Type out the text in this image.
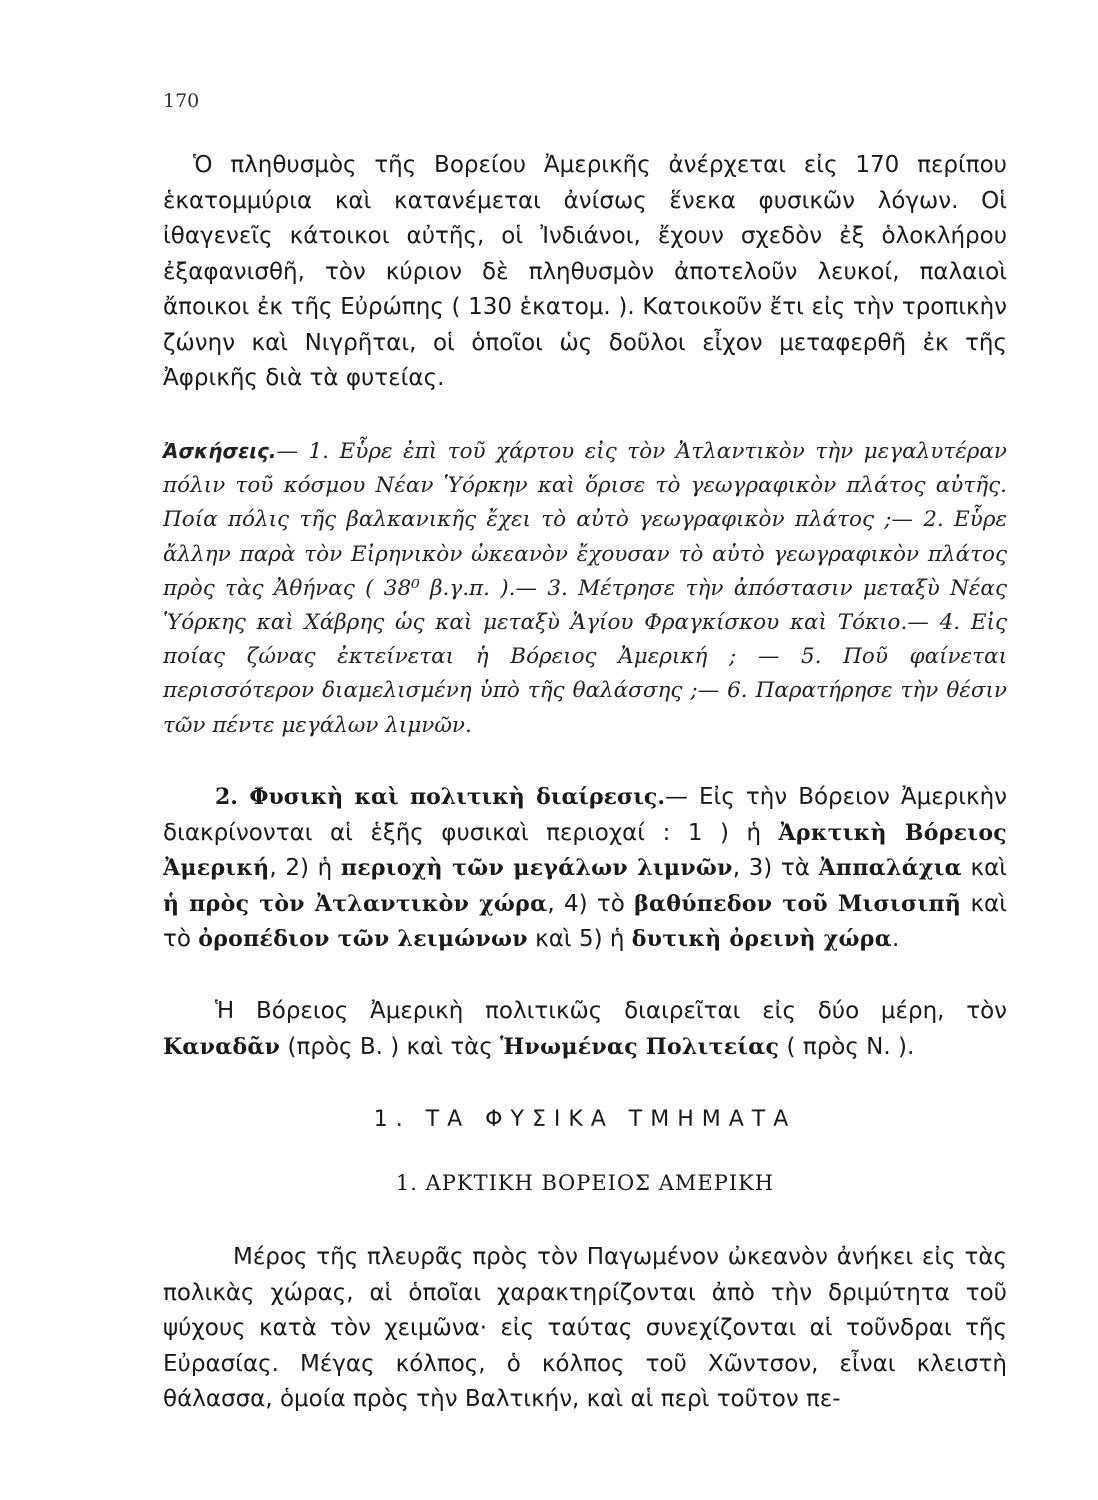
170

Ὁ πληθυσμὸς τῆς Βορείου Ἀμερικῆς ἀνέρχεται εἰς 170 περίπου ἑκατομμύρια καὶ κατανέμεται ἀνίσως ἕνεκα φυσικῶν λόγων. Οἱ ἰθαγενεῖς κάτοικοι αὐτῆς, οἱ Ἰνδιάνοι, ἔχουν σχεδὸν ἐξ ὁλοκλήρου ἐξαφανισθῆ, τὸν κύριον δὲ πληθυσμὸν ἀποτελοῦν λευκοί, παλαιοὶ ἄποικοι ἐκ τῆς Εὐρώπης ( 130 ἑκατομ. ). Κατοικοῦν ἔτι εἰς τὴν τροπικὴν ζώνην καὶ Νιγρῆται, οἱ ὁποῖοι ὡς δοῦλοι εἶχον μεταφερθῆ ἐκ τῆς Ἀφρικῆς διὰ τὰ φυτείας.

Ἀσκήσεις.— 1. Εὗρε ἐπὶ τοῦ χάρτου εἰς τὸν Ἀτλαντικὸν τὴν μεγαλυτέραν πόλιν τοῦ κόσμου Νέαν Ὑόρκην καὶ ὅρισε τὸ γεωγραφικὸν πλάτος αὐτῆς. Ποία πόλις τῆς βαλκανικῆς ἔχει τὸ αὐτὸ γεωγραφικὸν πλάτος ;— 2. Εὗρε ἄλλην παρὰ τὸν Εἰρηνικὸν ὠκεανὸν ἔχουσαν τὸ αὐτὸ γεωγραφικὸν πλάτος πρὸς τὰς Ἀθήνας ( 38⁰ β.γ.π. ).— 3. Μέτρησε τὴν ἀπόστασιν μεταξὺ Νέας Ὑόρκης καὶ Χάβρης ὡς καὶ μεταξὺ Ἁγίου Φραγκίσκου καὶ Τόκιο.— 4. Εἰς ποίας ζώνας ἐκτείνεται ἡ Βόρειος Ἀμερική ; — 5. Ποῦ φαίνεται περισσότερον διαμελισμένη ὑπὸ τῆς θαλάσσης ;— 6. Παρατήρησε τὴν θέσιν τῶν πέντε μεγάλων λιμνῶν.

2. Φυσικὴ καὶ πολιτικὴ διαίρεσις.— Εἰς τὴν Βόρειον Ἀμερικὴν διακρίνονται αἱ ἑξῆς φυσικαὶ περιοχαί : 1 ) ἡ Ἀρκτικὴ Βόρειος Ἀμερική, 2) ἡ περιοχὴ τῶν μεγάλων λιμνῶν, 3) τὰ Ἀππαλάχια καὶ ἡ πρὸς τὸν Ἀτλαντικὸν χώρα, 4) τὸ βαθύπεδον τοῦ Μισισιπῆ καὶ τὸ ὀροπέδιον τῶν λειμώνων καὶ 5) ἡ δυτικὴ ὀρεινὴ χώρα.

Ἡ Βόρειος Ἀμερικὴ πολιτικῶς διαιρεῖται εἰς δύο μέρη, τὸν Καναδᾶν (πρὸς Β. ) καὶ τὰς Ἡνωμένας Πολιτείας ( πρὸς Ν. ).

1. ΤΑ ΦΥΣΙΚΑ ΤΜΗΜΑΤΑ
1. ΑΡΚΤΙΚΗ ΒΟΡΕΙΟΣ ΑΜΕΡΙΚΗ

Μέρος τῆς πλευρᾶς πρὸς τὸν Παγωμένον ὠκεανὸν ἀνήκει εἰς τὰς πολικὰς χώρας, αἱ ὁποῖαι χαρακτηρίζονται ἀπὸ τὴν δριμύτητα τοῦ ψύχους κατὰ τὸν χειμῶνα· εἰς ταύτας συνεχίζονται αἱ τοῦνδραι τῆς Εὐρασίας. Μέγας κόλπος, ὁ κόλπος τοῦ Χῶντσον, εἶναι κλειστὴ θάλασσα, ὁμοία πρὸς τὴν Βαλτικήν, καὶ αἱ περὶ τοῦτον πε-
